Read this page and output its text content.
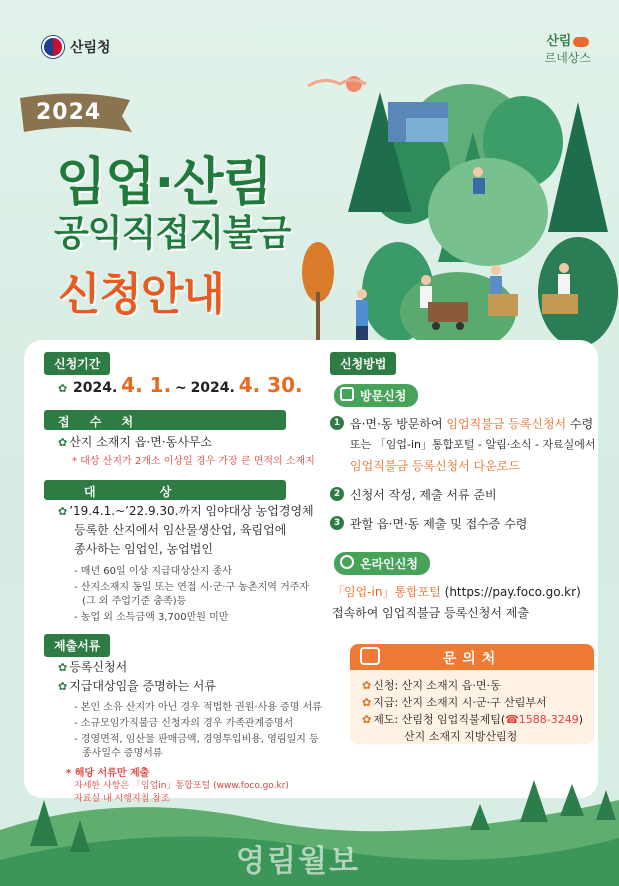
산림청	산림
르네상스
2024
임업·산림
공익직접지불금
신청안내
신청기간
✿ 2024. 4. 1. ~ 2024. 4. 30.
접 수 처
✿ 산지 소재지 읍·면·동사무소
* 대상 산지가 2개소 이상일 경우 가장 큰 면적의 소재지
대 상
✿ ’19.4.1.~’22.9.30.까지 임야대상 농업경영체
등록한 산지에서 임산물생산업, 육림업에
종사하는 임업인, 농업법인
- 매년 60일 이상 지급대상산지 종사
- 산지소재지 동일 또는 연접 시·군·구 농촌지역 거주자
(그 외 주업기준 충족)등
- 농업 외 소득금액 3,700만원 미만
제출서류
✿ 등록신청서
✿ 지급대상임을 증명하는 서류
- 본인 소유 산지가 아닌 경우 적법한 권원·사용 증명 서류
- 소규모임가직불금 신청자의 경우 가족관계증명서
- 경영면적, 임산물 판매금액, 경영투입비용, 영림일지 등
종사일수 증명서류
* 해당 서류만 제출
자세한 사항은 「임업in」통합포털 (www.foco.go.kr)
자료실 내 시행지침 참조
신청방법
방문신청
1 읍·면·동 방문하여 임업직불금 등록신청서 수령
또는 「임업-in」통합포털 - 알림·소식 - 자료실에서
임업직불금 등록신청서 다운로드
2 신청서 작성, 제출 서류 준비
3 관할 읍·면·동 제출 및 접수증 수령
온라인신청
「임업-in」통합포털 (https://pay.foco.go.kr)
접속하여 임업직불금 등록신청서 제출
문의처
✿ 신청: 산지 소재지 읍·면·동
✿ 지급: 산지 소재지 시·군·구 산림부서
✿ 제도: 산림청 임업직불제팀(☎1588-3249)
산지 소재지 지방산림청
영림월보
